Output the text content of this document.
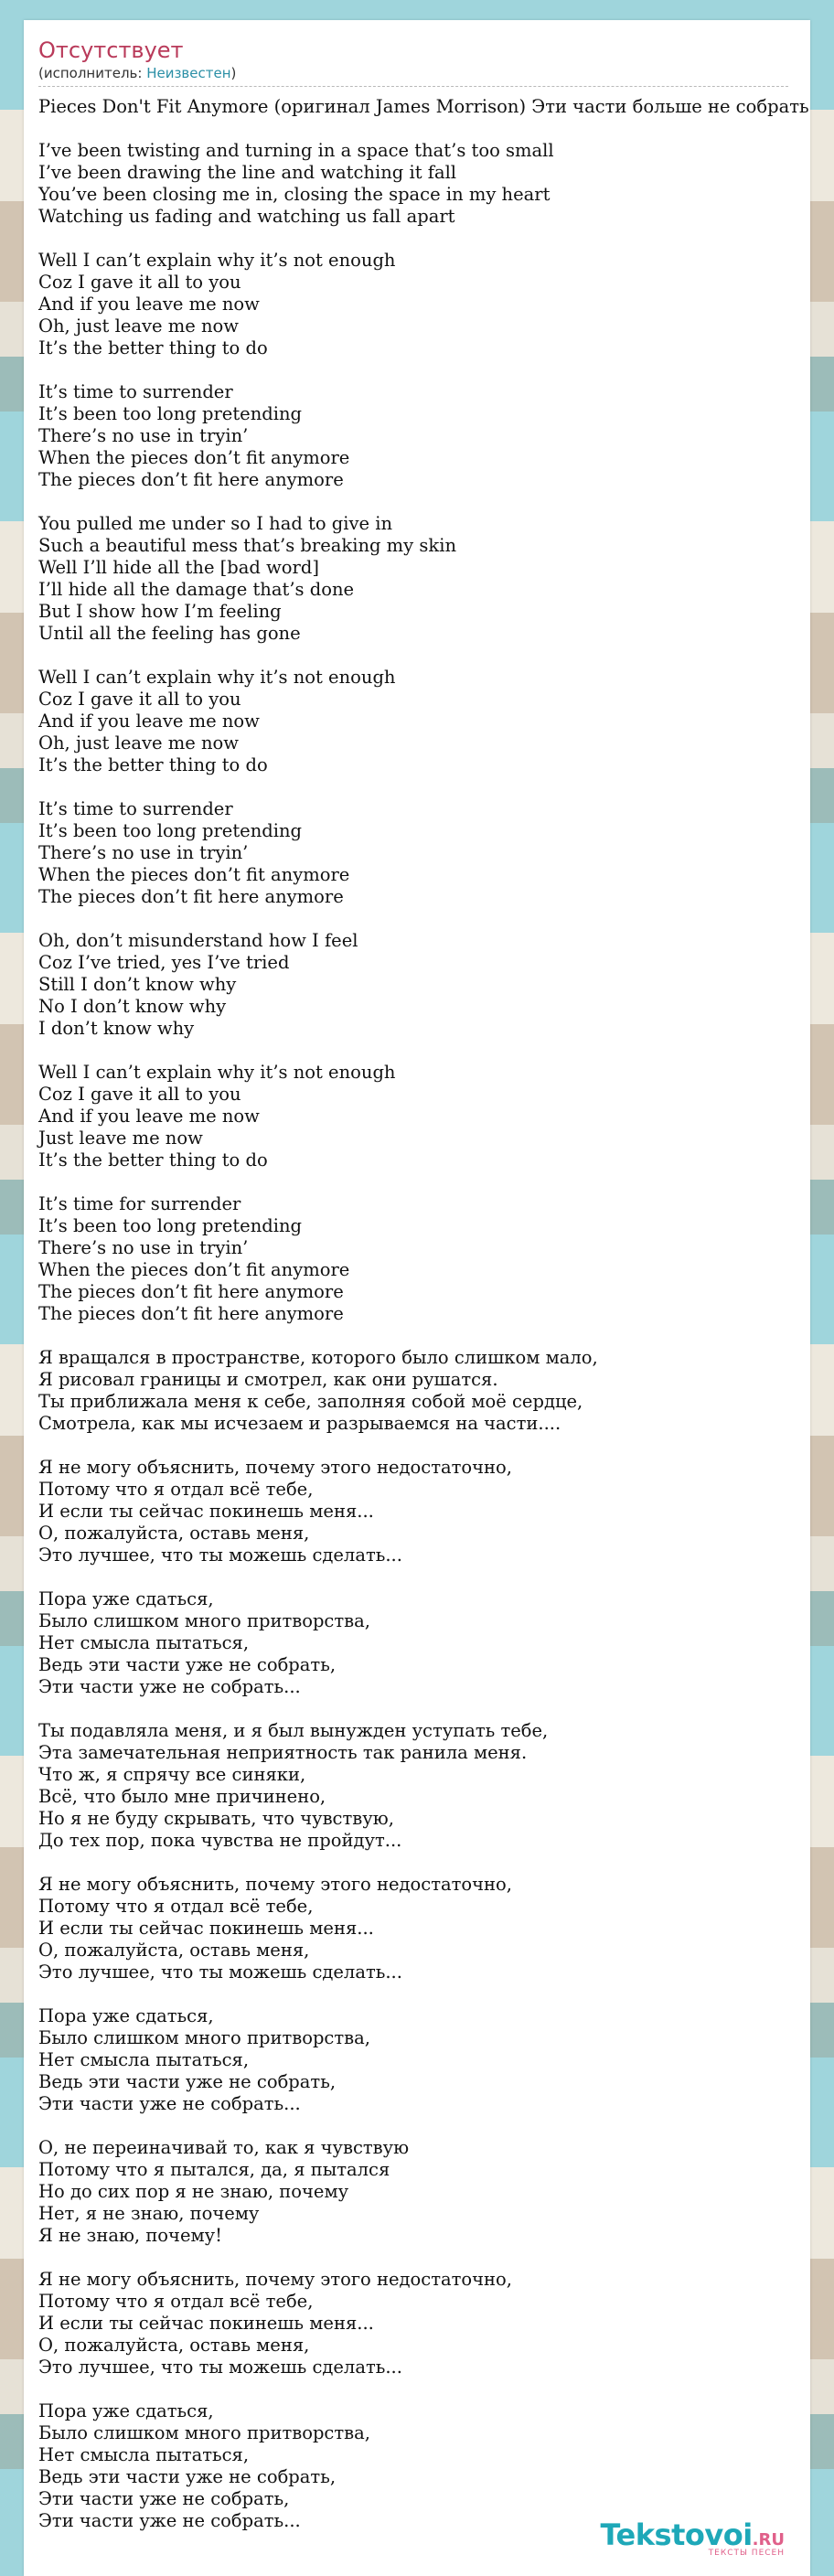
Отсутствует
(исполнитель: Неизвестен)
Pieces Don't Fit Anymore (оригинал James Morrison) Эти части больше не собрать
I’ve been twisting and turning in a space that’s too small
I’ve been drawing the line and watching it fall
You’ve been closing me in, closing the space in my heart
Watching us fading and watching us fall apart
Well I can’t explain why it’s not enough
Coz I gave it all to you
And if you leave me now
Oh, just leave me now
It’s the better thing to do
It’s time to surrender
It’s been too long pretending
There’s no use in tryin’
When the pieces don’t fit anymore
The pieces don’t fit here anymore
You pulled me under so I had to give in
Such a beautiful mess that’s breaking my skin
Well I’ll hide all the [bad word]
I’ll hide all the damage that’s done
But I show how I’m feeling
Until all the feeling has gone
Well I can’t explain why it’s not enough
Coz I gave it all to you
And if you leave me now
Oh, just leave me now
It’s the better thing to do
It’s time to surrender
It’s been too long pretending
There’s no use in tryin’
When the pieces don’t fit anymore
The pieces don’t fit here anymore
Oh, don’t misunderstand how I feel
Coz I’ve tried, yes I’ve tried
Still I don’t know why
No I don’t know why
I don’t know why
Well I can’t explain why it’s not enough
Coz I gave it all to you
And if you leave me now
Just leave me now
It’s the better thing to do
It’s time for surrender
It’s been too long pretending
There’s no use in tryin’
When the pieces don’t fit anymore
The pieces don’t fit here anymore
The pieces don’t fit here anymore
Я вращался в пространстве, которого было слишком мало,
Я рисовал границы и смотрел, как они рушатся.
Ты приближала меня к себе, заполняя собой моё сердце,
Смотрела, как мы исчезаем и разрываемся на части....
Я не могу объяснить, почему этого недостаточно,
Потому что я отдал всё тебе,
И если ты сейчас покинешь меня...
О, пожалуйста, оставь меня,
Это лучшее, что ты можешь сделать...
Пора уже сдаться,
Было слишком много притворства,
Нет смысла пытаться,
Ведь эти части уже не собрать,
Эти части уже не собрать...
Ты подавляла меня, и я был вынужден уступать тебе,
Эта замечательная неприятность так ранила меня.
Что ж, я спрячу все синяки,
Всё, что было мне причинено,
Но я не буду скрывать, что чувствую,
До тех пор, пока чувства не пройдут...
Я не могу объяснить, почему этого недостаточно,
Потому что я отдал всё тебе,
И если ты сейчас покинешь меня...
О, пожалуйста, оставь меня,
Это лучшее, что ты можешь сделать...
Пора уже сдаться,
Было слишком много притворства,
Нет смысла пытаться,
Ведь эти части уже не собрать,
Эти части уже не собрать...
О, не переиначивай то, как я чувствую
Потому что я пытался, да, я пытался
Но до сих пор я не знаю, почему
Нет, я не знаю, почему
Я не знаю, почему!
Я не могу объяснить, почему этого недостаточно,
Потому что я отдал всё тебе,
И если ты сейчас покинешь меня...
О, пожалуйста, оставь меня,
Это лучшее, что ты можешь сделать...
Пора уже сдаться,
Было слишком много притворства,
Нет смысла пытаться,
Ведь эти части уже не собрать,
Эти части уже не собрать,
Эти части уже не собрать...	Tekstovoi.RU
ТЕКСТЫ ПЕСЕН
